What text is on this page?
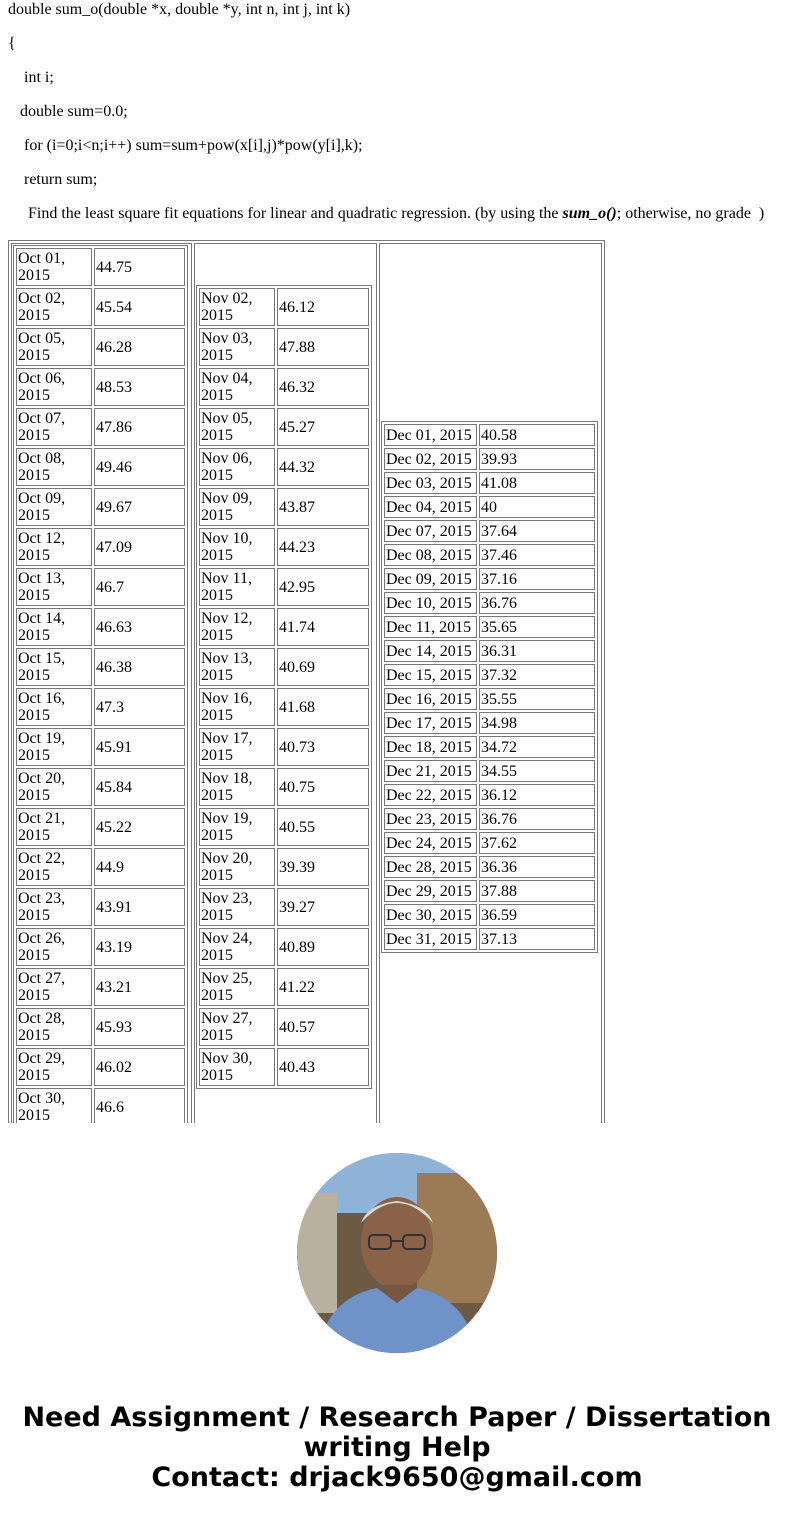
double sum_o(double *x, double *y, int n, int j, int k)

{

int i;

double sum=0.0;

for (i=0;i<n;i++) sum=sum+pow(x[i],j)*pow(y[i],k);

return sum;

Find the least square fit equations for linear and quadratic regression. (by using the sum_o(); otherwise, no grade  )
Oct 01, 2015	44.75
Oct 02, 2015	45.54
Oct 05, 2015	46.28
Oct 06, 2015	48.53
Oct 07, 2015	47.86
Oct 08, 2015	49.46
Oct 09, 2015	49.67
Oct 12, 2015	47.09
Oct 13, 2015	46.7
Oct 14, 2015	46.63
Oct 15, 2015	46.38
Oct 16, 2015	47.3
Oct 19, 2015	45.91
Oct 20, 2015	45.84
Oct 21, 2015	45.22
Oct 22, 2015	44.9
Oct 23, 2015	43.91
Oct 26, 2015	43.19
Oct 27, 2015	43.21
Oct 28, 2015	45.93
Oct 29, 2015	46.02
Oct 30, 2015	46.6

Nov 02, 2015	46.12
Nov 03, 2015	47.88
Nov 04, 2015	46.32
Nov 05, 2015	45.27
Nov 06, 2015	44.32
Nov 09, 2015	43.87
Nov 10, 2015	44.23
Nov 11, 2015	42.95
Nov 12, 2015	41.74
Nov 13, 2015	40.69
Nov 16, 2015	41.68
Nov 17, 2015	40.73
Nov 18, 2015	40.75
Nov 19, 2015	40.55
Nov 20, 2015	39.39
Nov 23, 2015	39.27
Nov 24, 2015	40.89
Nov 25, 2015	41.22
Nov 27, 2015	40.57
Nov 30, 2015	40.43

Dec 01, 2015	40.58
Dec 02, 2015	39.93
Dec 03, 2015	41.08
Dec 04, 2015	40
Dec 07, 2015	37.64
Dec 08, 2015	37.46
Dec 09, 2015	37.16
Dec 10, 2015	36.76
Dec 11, 2015	35.65
Dec 14, 2015	36.31
Dec 15, 2015	37.32
Dec 16, 2015	35.55
Dec 17, 2015	34.98
Dec 18, 2015	34.72
Dec 21, 2015	34.55
Dec 22, 2015	36.12
Dec 23, 2015	36.76
Dec 24, 2015	37.62
Dec 28, 2015	36.36
Dec 29, 2015	37.88
Dec 30, 2015	36.59
Dec 31, 2015	37.13
Need Assignment / Research Paper / Dissertation
writing Help
Contact: drjack9650@gmail.com
